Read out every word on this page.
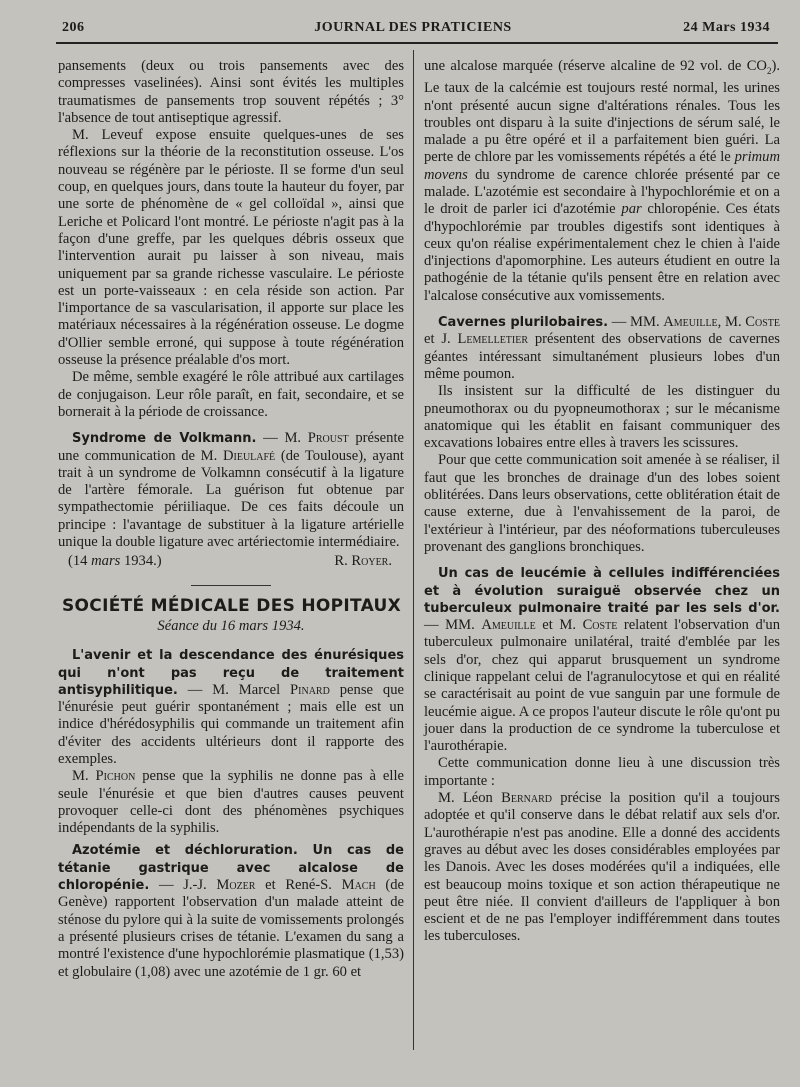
206	JOURNAL DES PRATICIENS	24 Mars 1934

pansements (deux ou trois pansements avec des compresses vaselinées). Ainsi sont évités les multiples traumatismes de pansements trop souvent répétés ; 3° l'absence de tout antiseptique agressif.

M. Leveuf expose ensuite quelques-unes de ses réflexions sur la théorie de la reconstitution osseuse. L'os nouveau se régénère par le périoste. Il se forme d'un seul coup, en quelques jours, dans toute la hauteur du foyer, par une sorte de phénomène de « gel colloïdal », ainsi que Leriche et Policard l'ont montré. Le périoste n'agit pas à la façon d'une greffe, par les quelques débris osseux que l'intervention aurait pu laisser à son niveau, mais uniquement par sa grande richesse vasculaire. Le périoste est un porte-vaisseaux : en cela réside son action. Par l'importance de sa vascularisation, il apporte sur place les matériaux nécessaires à la régénération osseuse. Le dogme d'Ollier semble erroné, qui suppose à toute régénération osseuse la présence préalable d'os mort.

De même, semble exagéré le rôle attribué aux cartilages de conjugaison. Leur rôle paraît, en fait, secondaire, et se bornerait à la période de croissance.

Syndrome de Volkmann. — M. Proust présente une communication de M. Dieulafé (de Toulouse), ayant trait à un syndrome de Volkamnn consécutif à la ligature de l'artère fémorale. La guérison fut obtenue par sympathectomie périiliaque. De ces faits découle un principe : l'avantage de substituer à la ligature artérielle unique la double ligature avec artériectomie intermédiaire.

(14 mars 1934.)	R. Royer.
SOCIÉTÉ MÉDICALE DES HOPITAUX
Séance du 16 mars 1934.

L'avenir et la descendance des énurésiques qui n'ont pas reçu de traitement antisyphilitique. — M. Marcel Pinard pense que l'énurésie peut guérir spontanément ; mais elle est un indice d'hérédosyphilis qui commande un traitement afin d'éviter des accidents ultérieurs dont il rapporte des exemples.

M. Pichon pense que la syphilis ne donne pas à elle seule l'énurésie et que bien d'autres causes peuvent provoquer celle-ci dont des phénomènes psychiques indépendants de la syphilis.

Azotémie et déchloruration. Un cas de tétanie gastrique avec alcalose de chloropénie. — J.-J. Mozer et René-S. Mach (de Genève) rapportent l'observation d'un malade atteint de sténose du pylore qui à la suite de vomissements prolongés a présenté plusieurs crises de tétanie. L'examen du sang a montré l'existence d'une hypochlorémie plasmatique (1,53) et globulaire (1,08) avec une azotémie de 1 gr. 60 et

une alcalose marquée (réserve alcaline de 92 vol. de $CO_2$). Le taux de la calcémie est toujours resté normal, les urines n'ont présenté aucun signe d'altérations rénales. Tous les troubles ont disparu à la suite d'injections de sérum salé, le malade a pu être opéré et il a parfaitement bien guéri. La perte de chlore par les vomissements répétés a été le primum movens du syndrome de carence chlorée présenté par ce malade. L'azotémie est secondaire à l'hypochlorémie et on a le droit de parler ici d'azotémie par chloropénie. Ces états d'hypochlorémie par troubles digestifs sont identiques à ceux qu'on réalise expérimentalement chez le chien à l'aide d'injections d'apomorphine. Les auteurs étudient en outre la pathogénie de la tétanie qu'ils pensent être en relation avec l'alcalose consécutive aux vomissements.

Cavernes plurilobaires. — MM. Ameuille, M. Coste et J. Lemelletier présentent des observations de cavernes géantes intéressant simultanément plusieurs lobes d'un même poumon.

Ils insistent sur la difficulté de les distinguer du pneumothorax ou du pyopneumothorax ; sur le mécanisme anatomique qui les établit en faisant communiquer des excavations lobaires entre elles à travers les scissures.

Pour que cette communication soit amenée à se réaliser, il faut que les bronches de drainage d'un des lobes soient oblitérées. Dans leurs observations, cette oblitération était de cause externe, due à l'envahissement de la paroi, de l'extérieur à l'intérieur, par des néoformations tuberculeuses provenant des ganglions bronchiques.

Un cas de leucémie à cellules indifférenciées et à évolution suraiguë observée chez un tuberculeux pulmonaire traité par les sels d'or. — MM. Ameuille et M. Coste relatent l'observation d'un tuberculeux pulmonaire unilatéral, traité d'emblée par les sels d'or, chez qui apparut brusquement un syndrome clinique rappelant celui de l'agranulocytose et qui en réalité se caractérisait au point de vue sanguin par une formule de leucémie aigue. A ce propos l'auteur discute le rôle qu'ont pu jouer dans la production de ce syndrome la tuberculose et l'aurothérapie.

Cette communication donne lieu à une discussion très importante :

M. Léon Bernard précise la position qu'il a toujours adoptée et qu'il conserve dans le débat relatif aux sels d'or. L'aurothérapie n'est pas anodine. Elle a donné des accidents graves au début avec les doses considérables employées par les Danois. Avec les doses modérées qu'il a indiquées, elle est beaucoup moins toxique et son action thérapeutique ne peut être niée. Il convient d'ailleurs de l'appliquer à bon escient et de ne pas l'employer indifféremment dans toutes les tuberculoses.
